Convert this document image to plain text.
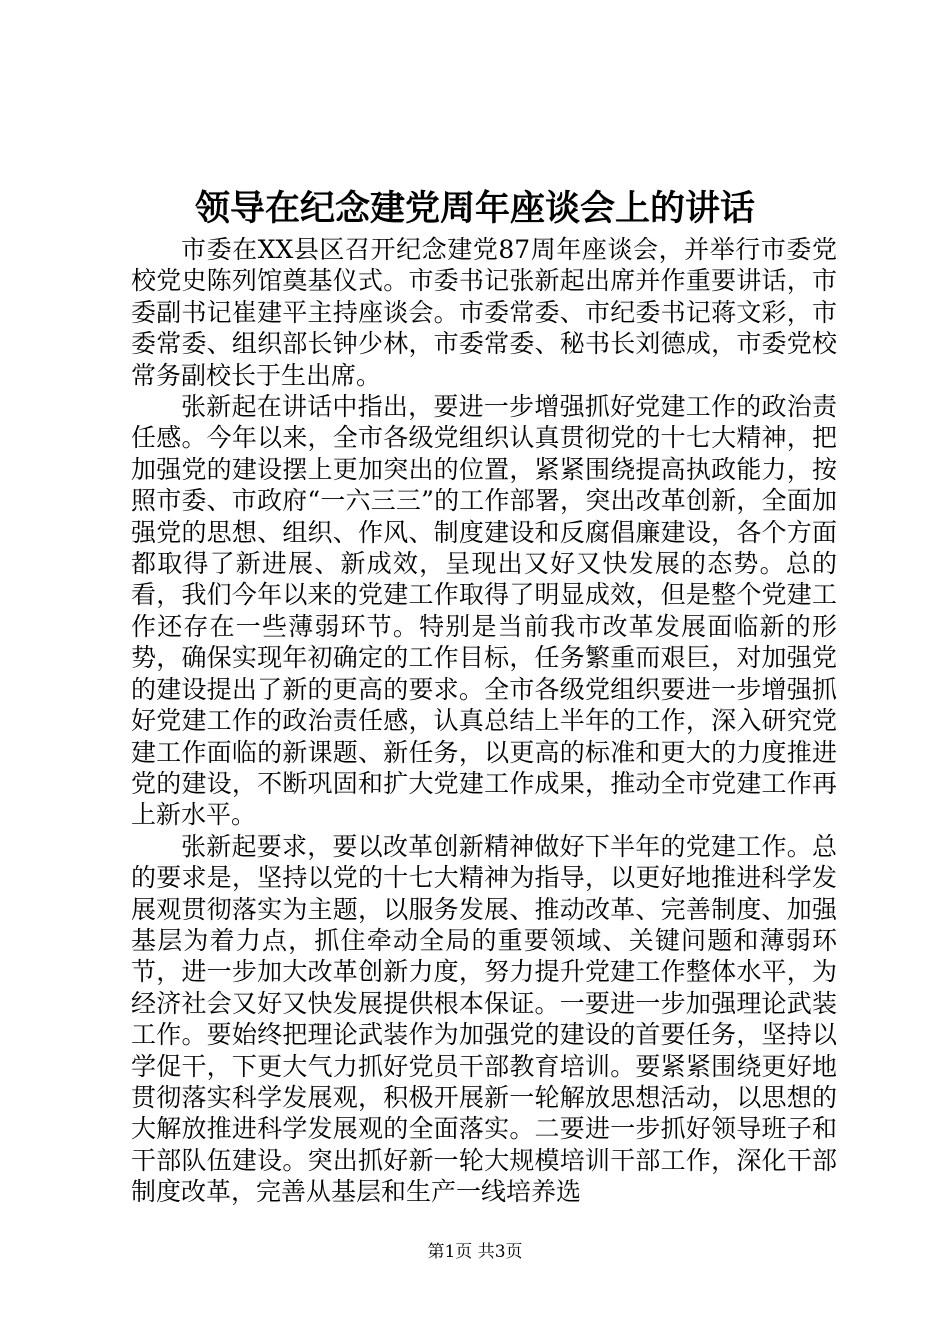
领导在纪念建党周年座谈会上的讲话

市委在XX县区召开纪念建党87周年座谈会，并举行市委党校党史陈列馆奠基仪式。市委书记张新起出席并作重要讲话，市委副书记崔建平主持座谈会。市委常委、市纪委书记蒋文彩，市委常委、组织部长钟少林，市委常委、秘书长刘德成，市委党校常务副校长于生出席。

张新起在讲话中指出，要进一步增强抓好党建工作的政治责任感。今年以来，全市各级党组织认真贯彻党的十七大精神，把加强党的建设摆上更加突出的位置，紧紧围绕提高执政能力，按照市委、市政府“一六三三”的工作部署，突出改革创新，全面加强党的思想、组织、作风、制度建设和反腐倡廉建设，各个方面都取得了新进展、新成效，呈现出又好又快发展的态势。总的看，我们今年以来的党建工作取得了明显成效，但是整个党建工作还存在一些薄弱环节。特别是当前我市改革发展面临新的形势，确保实现年初确定的工作目标，任务繁重而艰巨，对加强党的建设提出了新的更高的要求。全市各级党组织要进一步增强抓好党建工作的政治责任感，认真总结上半年的工作，深入研究党建工作面临的新课题、新任务，以更高的标准和更大的力度推进党的建设，不断巩固和扩大党建工作成果，推动全市党建工作再上新水平。

张新起要求，要以改革创新精神做好下半年的党建工作。总的要求是，坚持以党的十七大精神为指导，以更好地推进科学发展观贯彻落实为主题，以服务发展、推动改革、完善制度、加强基层为着力点，抓住牵动全局的重要领域、关键问题和薄弱环节，进一步加大改革创新力度，努力提升党建工作整体水平，为经济社会又好又快发展提供根本保证。一要进一步加强理论武装工作。要始终把理论武装作为加强党的建设的首要任务，坚持以学促干，下更大气力抓好党员干部教育培训。要紧紧围绕更好地贯彻落实科学发展观，积极开展新一轮解放思想活动，以思想的大解放推进科学发展观的全面落实。二要进一步抓好领导班子和干部队伍建设。突出抓好新一轮大规模培训干部工作，深化干部制度改革，完善从基层和生产一线培养选

第1页 共3页
